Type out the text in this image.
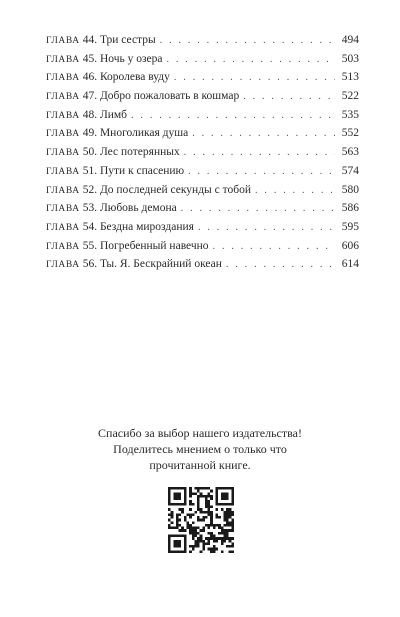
ГЛАВА 44 . Три сестры . . .	494
ГЛАВА 45 . Ночь у озера . . .	503
ГЛАВА 46 . Королева вуду . . .	513
ГЛАВА 47 . Добро пожаловать в кошмар . . .	522
ГЛАВА 48 . Лимб . . .	535
ГЛАВА 49 . Многоликая душа . . .	552
ГЛАВА 50 . Лес потерянных . . .	563
ГЛАВА 51 . Пути к спасению . . .	574
ГЛАВА 52 . До последней секунды с тобой . . .	580
ГЛАВА 53 . Любовь демона . . .	586
ГЛАВА 54 . Бездна мироздания . . .	595
ГЛАВА 55 . Погребенный навечно . . .	606
ГЛАВА 56 . Ты. Я. Бескрайний океан . . .	614
Спасибо за выбор нашего издательства!
Поделитесь мнением о только что
прочитанной книге.
